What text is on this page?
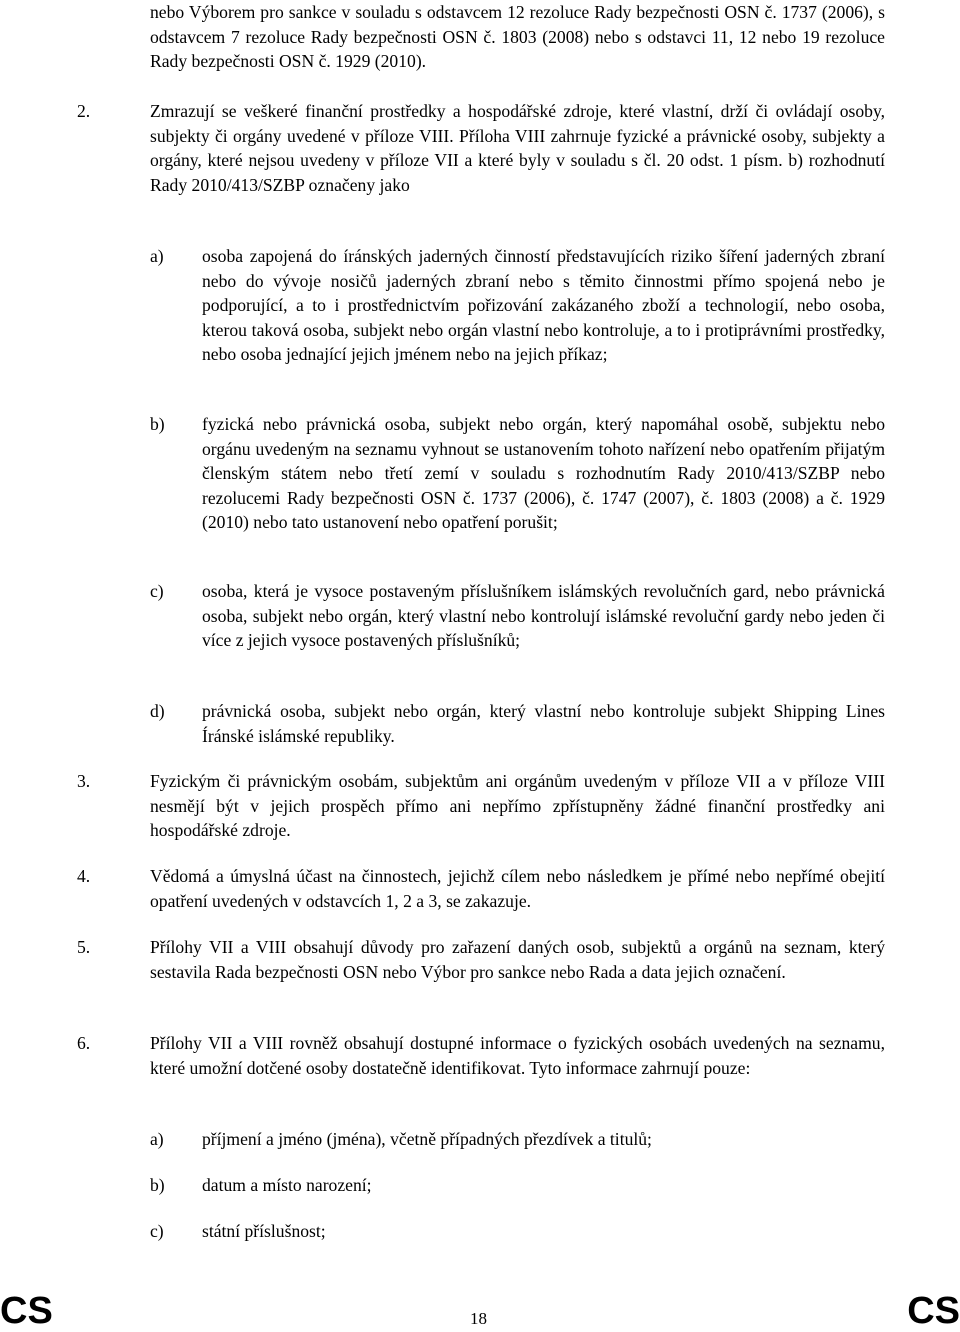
nebo Výborem pro sankce v souladu s odstavcem 12 rezoluce Rady bezpečnosti OSN č. 1737 (2006), s odstavcem 7 rezoluce Rady bezpečnosti OSN č. 1803 (2008) nebo s odstavci 11, 12 nebo 19 rezoluce Rady bezpečnosti OSN č. 1929 (2010).

2.	Zmrazují se veškeré finanční prostředky a hospodářské zdroje, které vlastní, drží či ovládají osoby, subjekty či orgány uvedené v příloze VIII. Příloha VIII zahrnuje fyzické a právnické osoby, subjekty a orgány, které nejsou uvedeny v příloze VII a které byly v souladu s čl. 20 odst. 1 písm. b) rozhodnutí Rady 2010/413/SZBP označeny jako

a) osoba zapojená do íránských jaderných činností představujících riziko šíření jaderných zbraní nebo do vývoje nosičů jaderných zbraní nebo s těmito činnostmi přímo spojená nebo je podporující, a to i prostřednictvím pořizování zakázaného zboží a technologií, nebo osoba, kterou taková osoba, subjekt nebo orgán vlastní nebo kontroluje, a to i protiprávními prostředky, nebo osoba jednající jejich jménem nebo na jejich příkaz;

b) fyzická nebo právnická osoba, subjekt nebo orgán, který napomáhal osobě, subjektu nebo orgánu uvedeným na seznamu vyhnout se ustanovením tohoto nařízení nebo opatřením přijatým členským státem nebo třetí zemí v souladu s rozhodnutím Rady 2010/413/SZBP nebo rezolucemi Rady bezpečnosti OSN č. 1737 (2006), č. 1747 (2007), č. 1803 (2008) a č. 1929 (2010) nebo tato ustanovení nebo opatření porušit;

c) osoba, která je vysoce postaveným příslušníkem islámských revolučních gard, nebo právnická osoba, subjekt nebo orgán, který vlastní nebo kontrolují islámské revoluční gardy nebo jeden či více z jejich vysoce postavených příslušníků;

d) právnická osoba, subjekt nebo orgán, který vlastní nebo kontroluje subjekt Shipping Lines Íránské islámské republiky.

3.	Fyzickým či právnickým osobám, subjektům ani orgánům uvedeným v příloze VII a v příloze VIII nesmějí být v jejich prospěch přímo ani nepřímo zpřístupněny žádné finanční prostředky ani hospodářské zdroje.

4.	Vědomá a úmyslná účast na činnostech, jejichž cílem nebo následkem je přímé nebo nepřímé obejití opatření uvedených v odstavcích 1, 2 a 3, se zakazuje.

5.	Přílohy VII a VIII obsahují důvody pro zařazení daných osob, subjektů a orgánů na seznam, který sestavila Rada bezpečnosti OSN nebo Výbor pro sankce nebo Rada a data jejich označení.

6.	Přílohy VII a VIII rovněž obsahují dostupné informace o fyzických osobách uvedených na seznamu, které umožní dotčené osoby dostatečně identifikovat. Tyto informace zahrnují pouze:

a) příjmení a jméno (jména), včetně případných přezdívek a titulů;

b) datum a místo narození;

c) státní příslušnost;

CS	18	CS
